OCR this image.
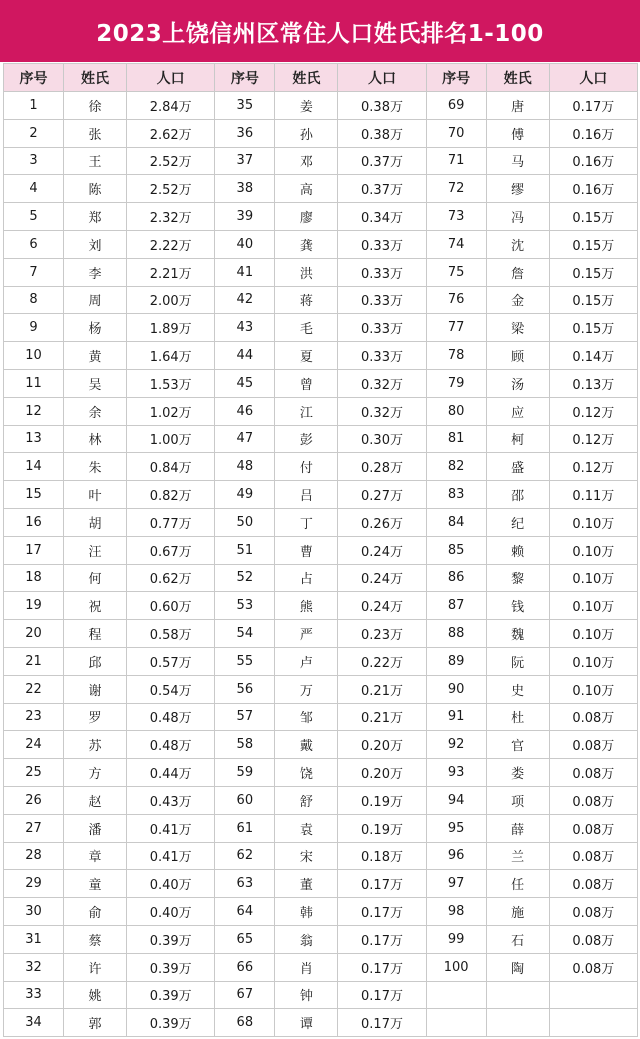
2023上饶信州区常住人口姓氏排名1-100
序号	姓氏	人口	序号	姓氏	人口	序号	姓氏	人口
1	徐	2.84万	35	姜	0.38万	69	唐	0.17万
2	张	2.62万	36	孙	0.38万	70	傅	0.16万
3	王	2.52万	37	邓	0.37万	71	马	0.16万
4	陈	2.52万	38	高	0.37万	72	缪	0.16万
5	郑	2.32万	39	廖	0.34万	73	冯	0.15万
6	刘	2.22万	40	龚	0.33万	74	沈	0.15万
7	李	2.21万	41	洪	0.33万	75	詹	0.15万
8	周	2.00万	42	蒋	0.33万	76	金	0.15万
9	杨	1.89万	43	毛	0.33万	77	梁	0.15万
10	黄	1.64万	44	夏	0.33万	78	顾	0.14万
11	吴	1.53万	45	曾	0.32万	79	汤	0.13万
12	余	1.02万	46	江	0.32万	80	应	0.12万
13	林	1.00万	47	彭	0.30万	81	柯	0.12万
14	朱	0.84万	48	付	0.28万	82	盛	0.12万
15	叶	0.82万	49	吕	0.27万	83	邵	0.11万
16	胡	0.77万	50	丁	0.26万	84	纪	0.10万
17	汪	0.67万	51	曹	0.24万	85	赖	0.10万
18	何	0.62万	52	占	0.24万	86	黎	0.10万
19	祝	0.60万	53	熊	0.24万	87	钱	0.10万
20	程	0.58万	54	严	0.23万	88	魏	0.10万
21	邱	0.57万	55	卢	0.22万	89	阮	0.10万
22	谢	0.54万	56	万	0.21万	90	史	0.10万
23	罗	0.48万	57	邹	0.21万	91	杜	0.08万
24	苏	0.48万	58	戴	0.20万	92	官	0.08万
25	方	0.44万	59	饶	0.20万	93	娄	0.08万
26	赵	0.43万	60	舒	0.19万	94	项	0.08万
27	潘	0.41万	61	袁	0.19万	95	薛	0.08万
28	章	0.41万	62	宋	0.18万	96	兰	0.08万
29	童	0.40万	63	董	0.17万	97	任	0.08万
30	俞	0.40万	64	韩	0.17万	98	施	0.08万
31	蔡	0.39万	65	翁	0.17万	99	石	0.08万
32	许	0.39万	66	肖	0.17万	100	陶	0.08万
33	姚	0.39万	67	钟	0.17万			
34	郭	0.39万	68	谭	0.17万			
